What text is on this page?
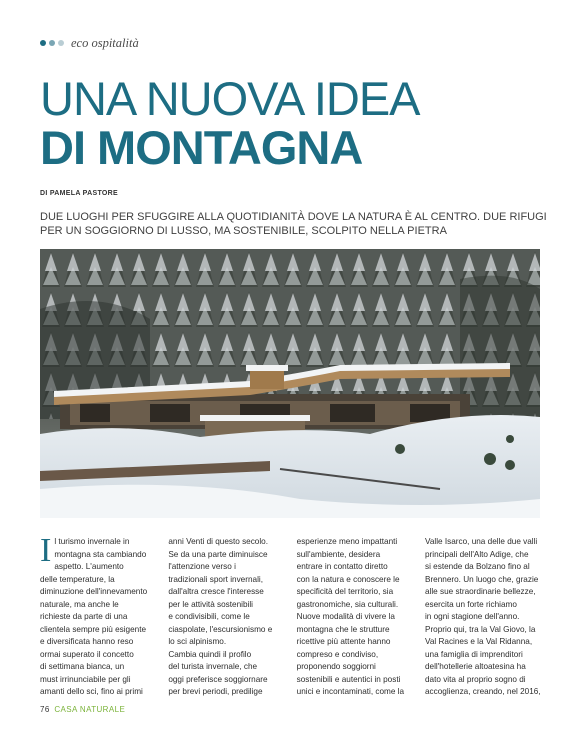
eco ospitalità
UNA NUOVA IDEA
DI MONTAGNA
DI PAMELA PASTORE

DUE LUOGHI PER SFUGGIRE ALLA QUOTIDIANITÀ DOVE LA NATURA È AL CENTRO. DUE RIFUGI
PER UN SOGGIORNO DI LUSSO, MA SOSTENIBILE, SCOLPITO NELLA PIETRA

I l turismo invernale in
montagna sta cambiando
aspetto. L'aumento
delle temperature, la
diminuzione dell'innevamento
naturale, ma anche le
richieste da parte di una
clientela sempre più esigente
e diversificata hanno reso
ormai superato il concetto
di settimana bianca, un
must irrinunciabile per gli
amanti dello sci, fino ai primi

anni Venti di questo secolo.
Se da una parte diminuisce
l'attenzione verso i
tradizionali sport invernali,
dall'altra cresce l'interesse
per le attività sostenibili
e condivisibili, come le
ciaspolate, l'escursionismo e
lo sci alpinismo.
Cambia quindi il profilo
del turista invernale, che
oggi preferisce soggiornare
per brevi periodi, predilige

esperienze meno impattanti
sull'ambiente, desidera
entrare in contatto diretto
con la natura e conoscere le
specificità del territorio, sia
gastronomiche, sia culturali.
Nuove modalità di vivere la
montagna che le strutture
ricettive più attente hanno
compreso e condiviso,
proponendo soggiorni
sostenibili e autentici in posti
unici e incontaminati, come la

Valle Isarco, una delle due valli
principali dell'Alto Adige, che
si estende da Bolzano fino al
Brennero. Un luogo che, grazie
alle sue straordinarie bellezze,
esercita un forte richiamo
in ogni stagione dell'anno.
Proprio qui, tra la Val Giovo, la
Val Racines e la Val Ridanna,
una famiglia di imprenditori
dell'hotellerie altoatesina ha
dato vita al proprio sogno di
accoglienza, creando, nel 2016,

76 CASA NATURALE
